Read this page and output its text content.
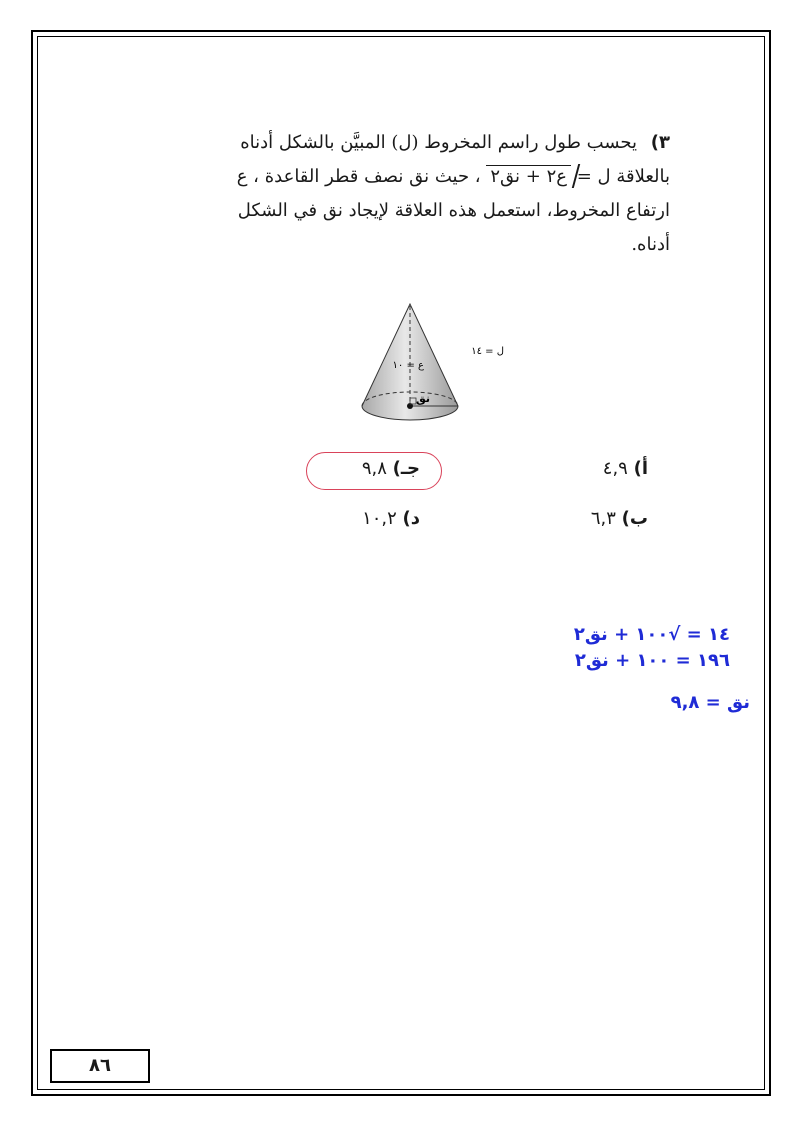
٣) يحسب طول راسم المخروط (ل) المبيَّن بالشكل أدناه
بالعلاقة ل = ع٢ + نق٢ ، حيث نق نصف قطر القاعدة ، ع
ارتفاع المخروط، استعمل هذه العلاقة لإيجاد نق في الشكل
أدناه.
ل = ١٤
ع = ١٠
نق
أ) ٤,٩
جـ) ٩,٨
ب) ٦,٣
د) ١٠,٢
١٤ = √١٠٠ + نق٢
١٩٦ = ١٠٠ + نق٢
نق = ٩,٨
٨٦
